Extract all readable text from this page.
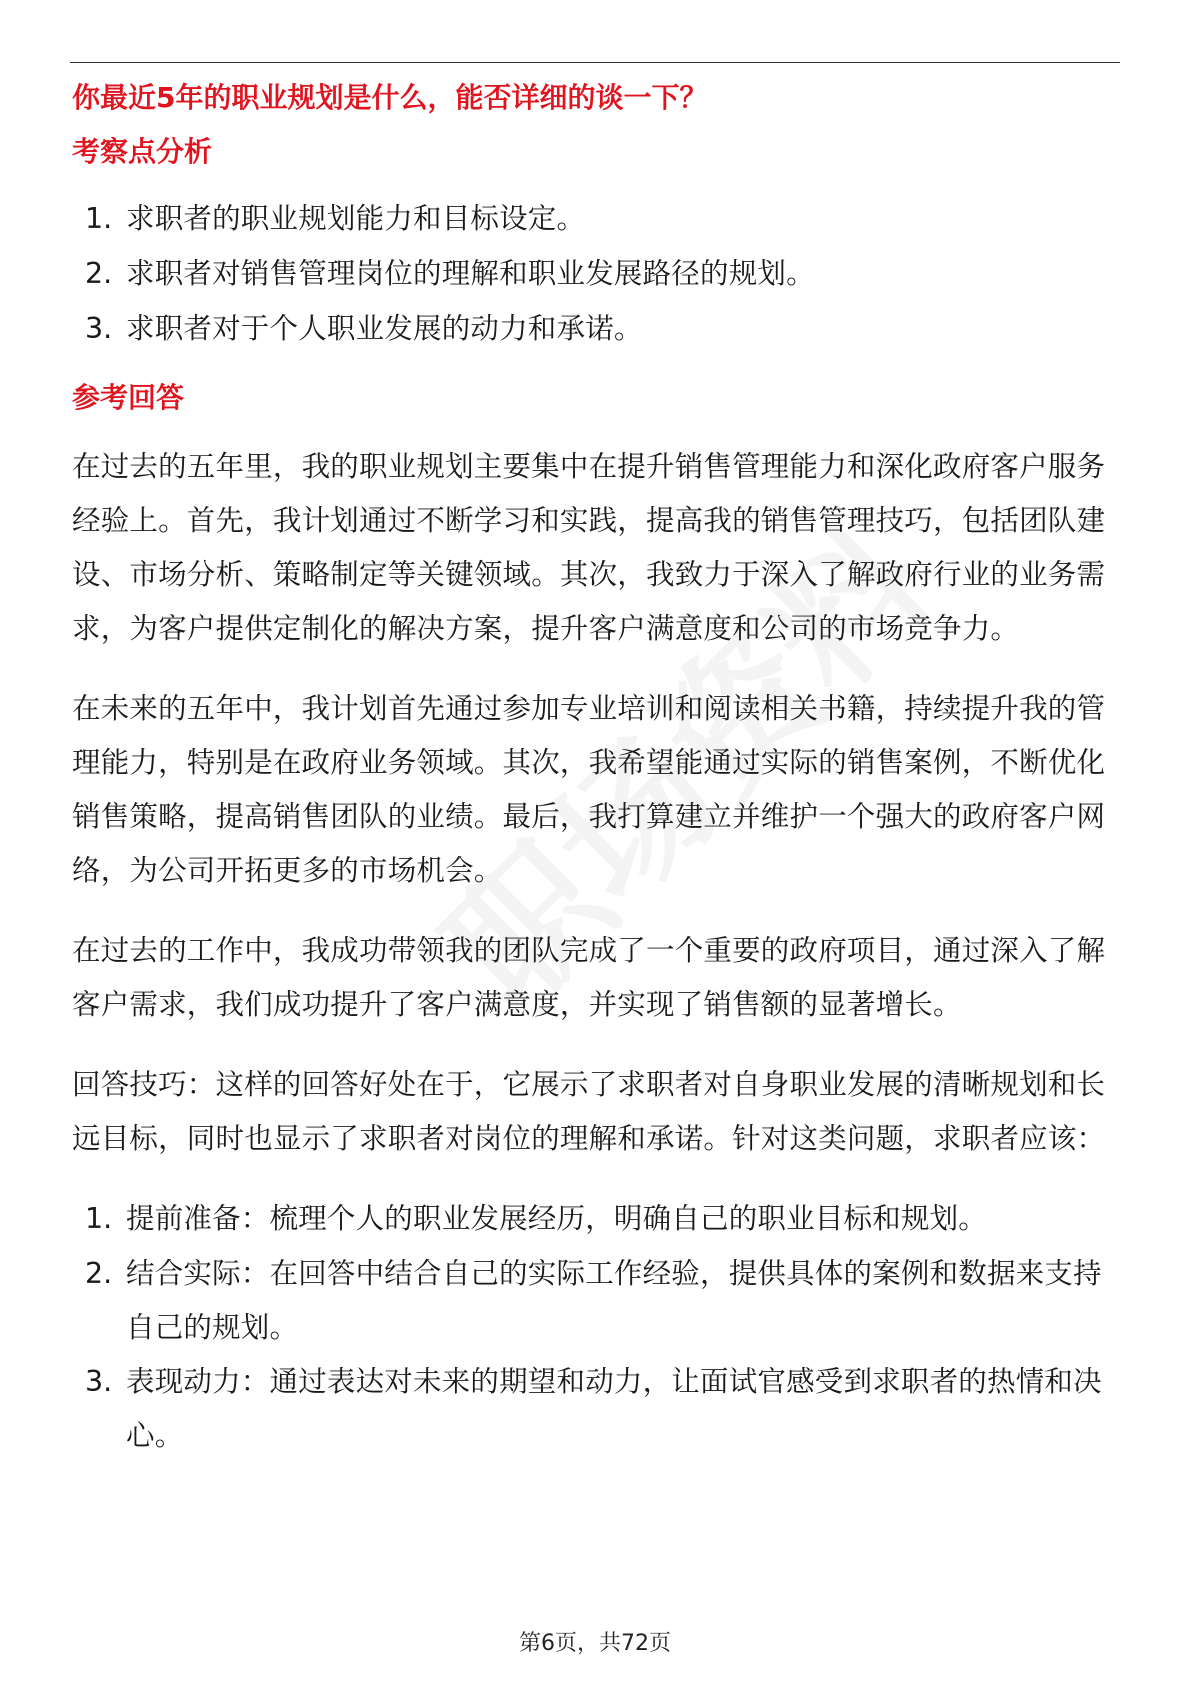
你最近5年的职业规划是什么，能否详细的谈一下？
考察点分析
1. 求职者的职业规划能力和目标设定。
2. 求职者对销售管理岗位的理解和职业发展路径的规划。
3. 求职者对于个人职业发展的动力和承诺。
参考回答
在过去的五年里，我的职业规划主要集中在提升销售管理能力和深化政府客户服务
经验上。首先，我计划通过不断学习和实践，提高我的销售管理技巧，包括团队建
设、市场分析、策略制定等关键领域。其次，我致力于深入了解政府行业的业务需
求，为客户提供定制化的解决方案，提升客户满意度和公司的市场竞争力。
在未来的五年中，我计划首先通过参加专业培训和阅读相关书籍，持续提升我的管
理能力，特别是在政府业务领域。其次，我希望能通过实际的销售案例，不断优化
销售策略，提高销售团队的业绩。最后，我打算建立并维护一个强大的政府客户网
络，为公司开拓更多的市场机会。
在过去的工作中，我成功带领我的团队完成了一个重要的政府项目，通过深入了解
客户需求，我们成功提升了客户满意度，并实现了销售额的显著增长。
回答技巧：这样的回答好处在于，它展示了求职者对自身职业发展的清晰规划和长
远目标，同时也显示了求职者对岗位的理解和承诺。针对这类问题，求职者应该：
1. 提前准备：梳理个人的职业发展经历，明确自己的职业目标和规划。
2. 结合实际：在回答中结合自己的实际工作经验，提供具体的案例和数据来支持
自己的规划。
3. 表现动力：通过表达对未来的期望和动力，让面试官感受到求职者的热情和决
心。
第6页，共72页
